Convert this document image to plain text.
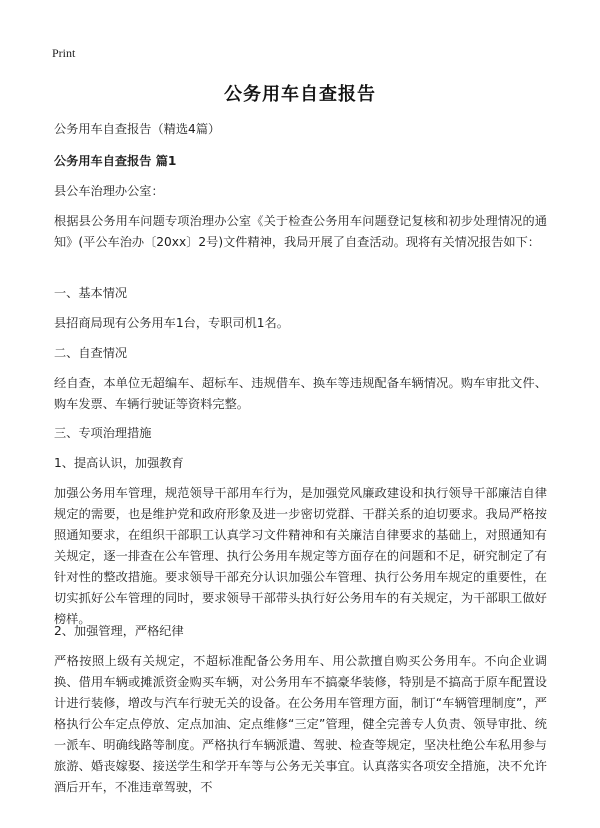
Print
公务用车自查报告
公务用车自查报告（精选4篇）
公务用车自查报告 篇1
县公车治理办公室：
根据县公务用车问题专项治理办公室《关于检查公务用车问题登记复核和初步处理情况的通知》(平公车治办〔20xx〕2号)文件精神，我局开展了自查活动。现将有关情况报告如下：
一、基本情况
县招商局现有公务用车1台，专职司机1名。
二、自查情况
经自查，本单位无超编车、超标车、违规借车、换车等违规配备车辆情况。购车审批文件、购车发票、车辆行驶证等资料完整。
三、专项治理措施
1、提高认识，加强教育
加强公务用车管理，规范领导干部用车行为，是加强党风廉政建设和执行领导干部廉洁自律规定的需要，也是维护党和政府形象及进一步密切党群、干群关系的迫切要求。我局严格按照通知要求，在组织干部职工认真学习文件精神和有关廉洁自律要求的基础上，对照通知有关规定，逐一排查在公车管理、执行公务用车规定等方面存在的问题和不足，研究制定了有针对性的整改措施。要求领导干部充分认识加强公车管理、执行公务用车规定的重要性，在切实抓好公车管理的同时，要求领导干部带头执行好公务用车的有关规定，为干部职工做好榜样。
2、加强管理，严格纪律
严格按照上级有关规定，不超标准配备公务用车、用公款擅自购买公务用车。不向企业调换、借用车辆或摊派资金购买车辆，对公务用车不搞豪华装修，特别是不搞高于原车配置设计进行装修，增改与汽车行驶无关的设备。在公务用车管理方面，制订“车辆管理制度”，严格执行公车定点停放、定点加油、定点维修“三定”管理，健全完善专人负责、领导审批、统一派车、明确线路等制度。严格执行车辆派遣、驾驶、检查等规定，坚决杜绝公车私用参与旅游、婚丧嫁娶、接送学生和学开车等与公务无关事宜。认真落实各项安全措施，决不允许酒后开车，不准违章驾驶，不
